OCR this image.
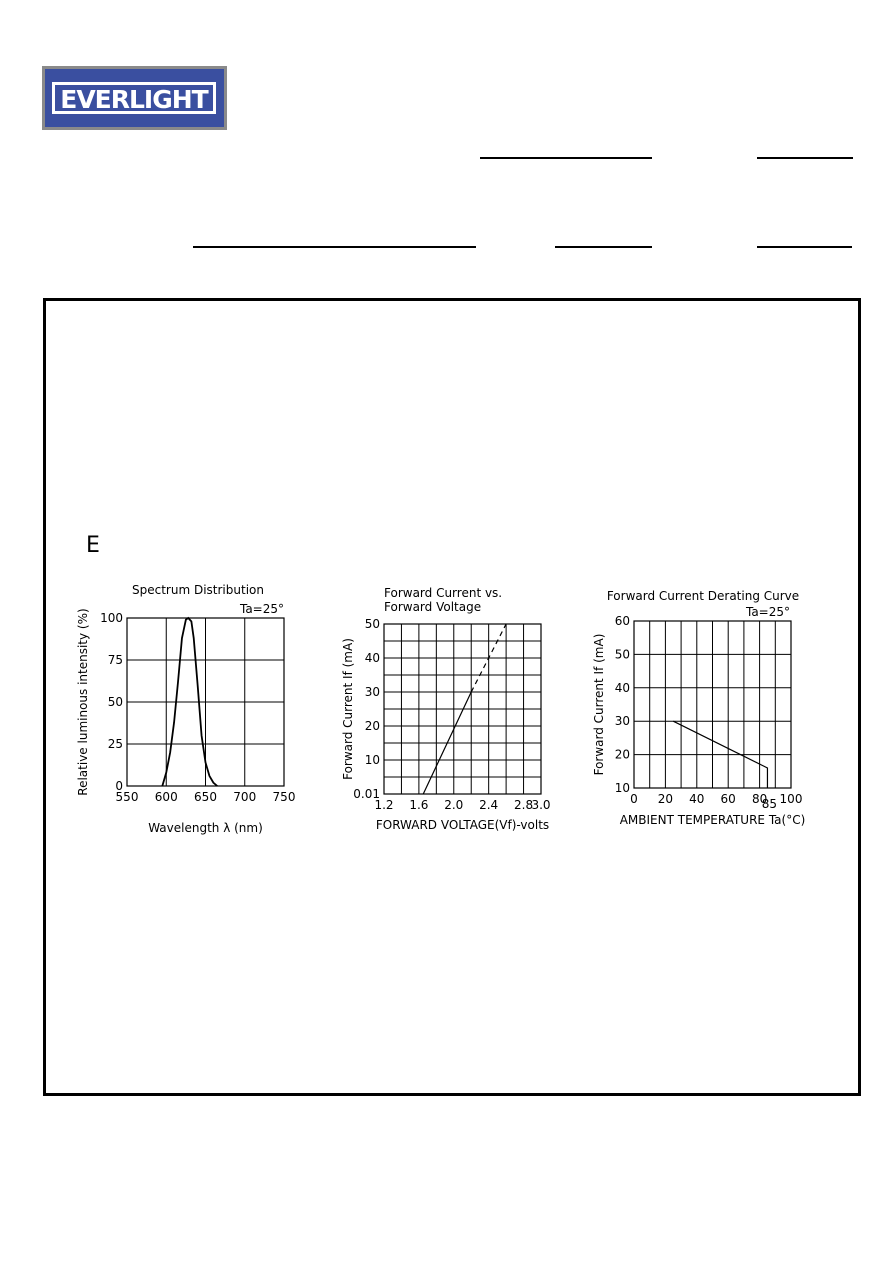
EVERLIGHT
E
550 600 650 700 750
0
25
50
75
100
Spectrum Distribution
Ta=25°
Wavelength λ (nm)
Relative luminous intensity (%)
1.2 1.6 2.0 2.4 2.8
3.0
0.01
10
20
30
40
50
Forward Current vs.
Forward Voltage
FORWARD VOLTAGE(Vf)-volts
Forward Current If (mA)
0 20 40 60 80 100
10
20
30
40
50
60
85
Forward Current Derating Curve
Ta=25°
AMBIENT TEMPERATURE Ta(°C)
Forward Current If (mA)
